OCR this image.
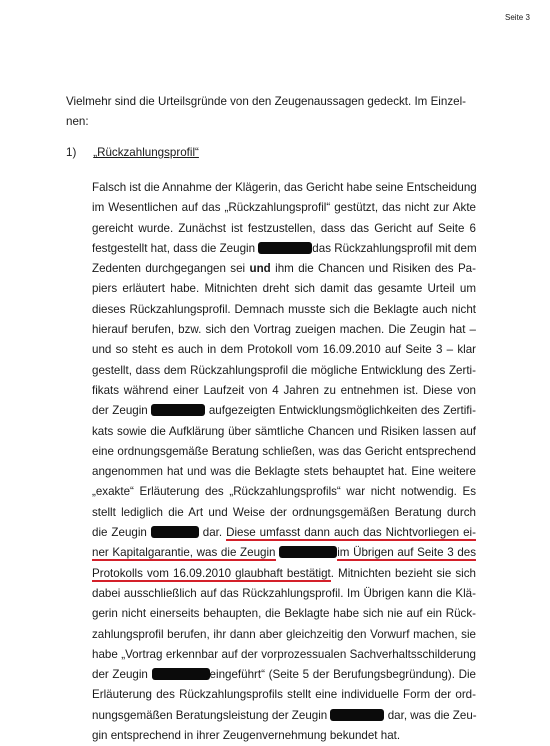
Seite 3
Vielmehr sind die Urteilsgründe von den Zeugenaussagen gedeckt. Im Einzel-
nen:
1) „Rückzahlungsprofil“
Falsch ist die Annahme der Klägerin, das Gericht habe seine Entscheidung
im Wesentlichen auf das „Rückzahlungsprofil“ gestützt, das nicht zur Akte
gereicht wurde. Zunächst ist festzustellen, dass das Gericht auf Seite 6
festgestellt hat, dass die Zeugin	das Rückzahlungsprofil mit dem
Zedenten durchgegangen sei und ihm die Chancen und Risiken des Pa-
piers erläutert habe. Mitnichten dreht sich damit das gesamte Urteil um
dieses Rückzahlungsprofil. Demnach musste sich die Beklagte auch nicht
hierauf berufen, bzw. sich den Vortrag zueigen machen. Die Zeugin hat –
und so steht es auch in dem Protokoll vom 16.09.2010 auf Seite 3 – klar
gestellt, dass dem Rückzahlungsprofil die mögliche Entwicklung des Zerti-
fikats während einer Laufzeit von 4 Jahren zu entnehmen ist. Diese von
der Zeugin	aufgezeigten Entwicklungsmöglichkeiten des Zertifi-
kats sowie die Aufklärung über sämtliche Chancen und Risiken lassen auf
eine ordnungsgemäße Beratung schließen, was das Gericht entsprechend
angenommen hat und was die Beklagte stets behauptet hat. Eine weitere
„exakte“ Erläuterung des „Rückzahlungsprofils“ war nicht notwendig. Es
stellt lediglich die Art und Weise der ordnungsgemäßen Beratung durch
die Zeugin	dar. Diese umfasst dann auch das Nichtvorliegen ei-
ner Kapitalgarantie, was die Zeugin	im Übrigen auf Seite 3 des
Protokolls vom 16.09.2010 glaubhaft bestätigt. Mitnichten bezieht sie sich
dabei ausschließlich auf das Rückzahlungsprofil. Im Übrigen kann die Klä-
gerin nicht einerseits behaupten, die Beklagte habe sich nie auf ein Rück-
zahlungsprofil berufen, ihr dann aber gleichzeitig den Vorwurf machen, sie
habe „Vortrag erkennbar auf der vorprozessualen Sachverhaltsschilderung
der Zeugin	eingeführt“ (Seite 5 der Berufungsbegründung). Die
Erläuterung des Rückzahlungsprofils stellt eine individuelle Form der ord-
nungsgemäßen Beratungsleistung der Zeugin	dar, was die Zeu-
gin entsprechend in ihrer Zeugenvernehmung bekundet hat.
